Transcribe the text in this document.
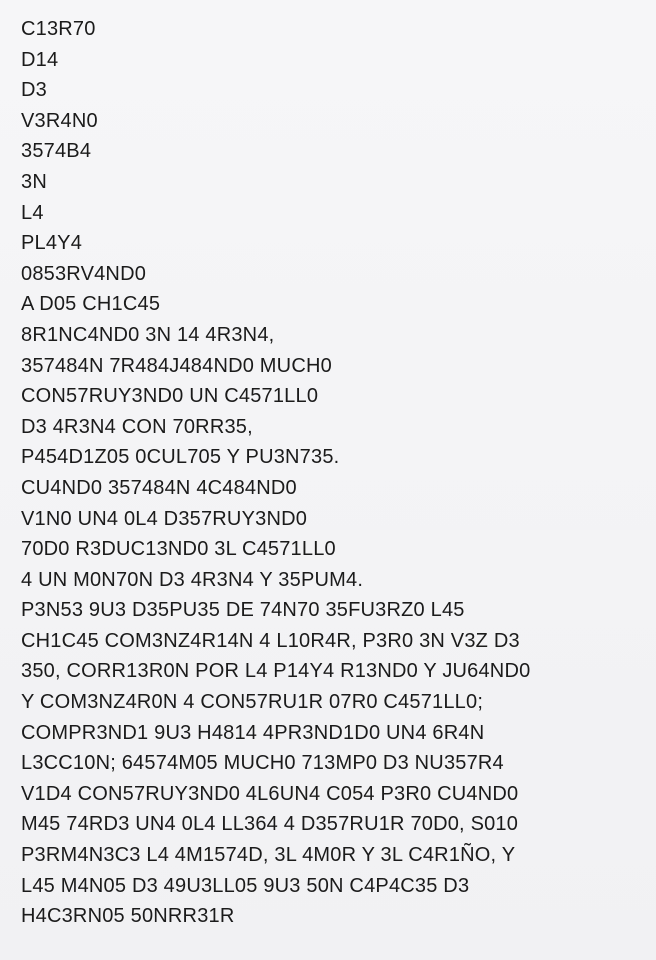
C13R70
D14
D3
V3R4N0
3574B4
3N
L4
PL4Y4
0853RV4ND0
A D05 CH1C45
8R1NC4ND0 3N 14 4R3N4,
357484N 7R484J484ND0 MUCH0
CON57RUY3ND0 UN C4571LL0
D3 4R3N4 CON 70RR35,
P454D1Z05 0CUL705 Y PU3N735.
CU4ND0 357484N 4C484ND0
V1N0 UN4 0L4 D357RUY3ND0
70D0 R3DUC13ND0 3L C4571LL0
4 UN M0N70N D3 4R3N4 Y 35PUM4.
P3N53 9U3 D35PU35 DE 74N70 35FU3RZ0 L45
CH1C45 COM3NZ4R14N 4 L10R4R, P3R0 3N V3Z D3
350, CORR13R0N POR L4 P14Y4 R13ND0 Y JU64ND0
Y COM3NZ4R0N 4 CON57RU1R 07R0 C4571LL0;
COMPR3ND1 9U3 H4814 4PR3ND1D0 UN4 6R4N
L3CC10N; 64574M05 MUCH0 713MP0 D3 NU357R4
V1D4 CON57RUY3ND0 4L6UN4 C054 P3R0 CU4ND0
M45 74RD3 UN4 0L4 LL364 4 D357RU1R 70D0, S010
P3RM4N3C3 L4 4M1574D, 3L 4M0R Y 3L C4R1ÑO, Y
L45 M4N05 D3 49U3LL05 9U3 50N C4P4C35 D3
H4C3RN05 50NRR31R
